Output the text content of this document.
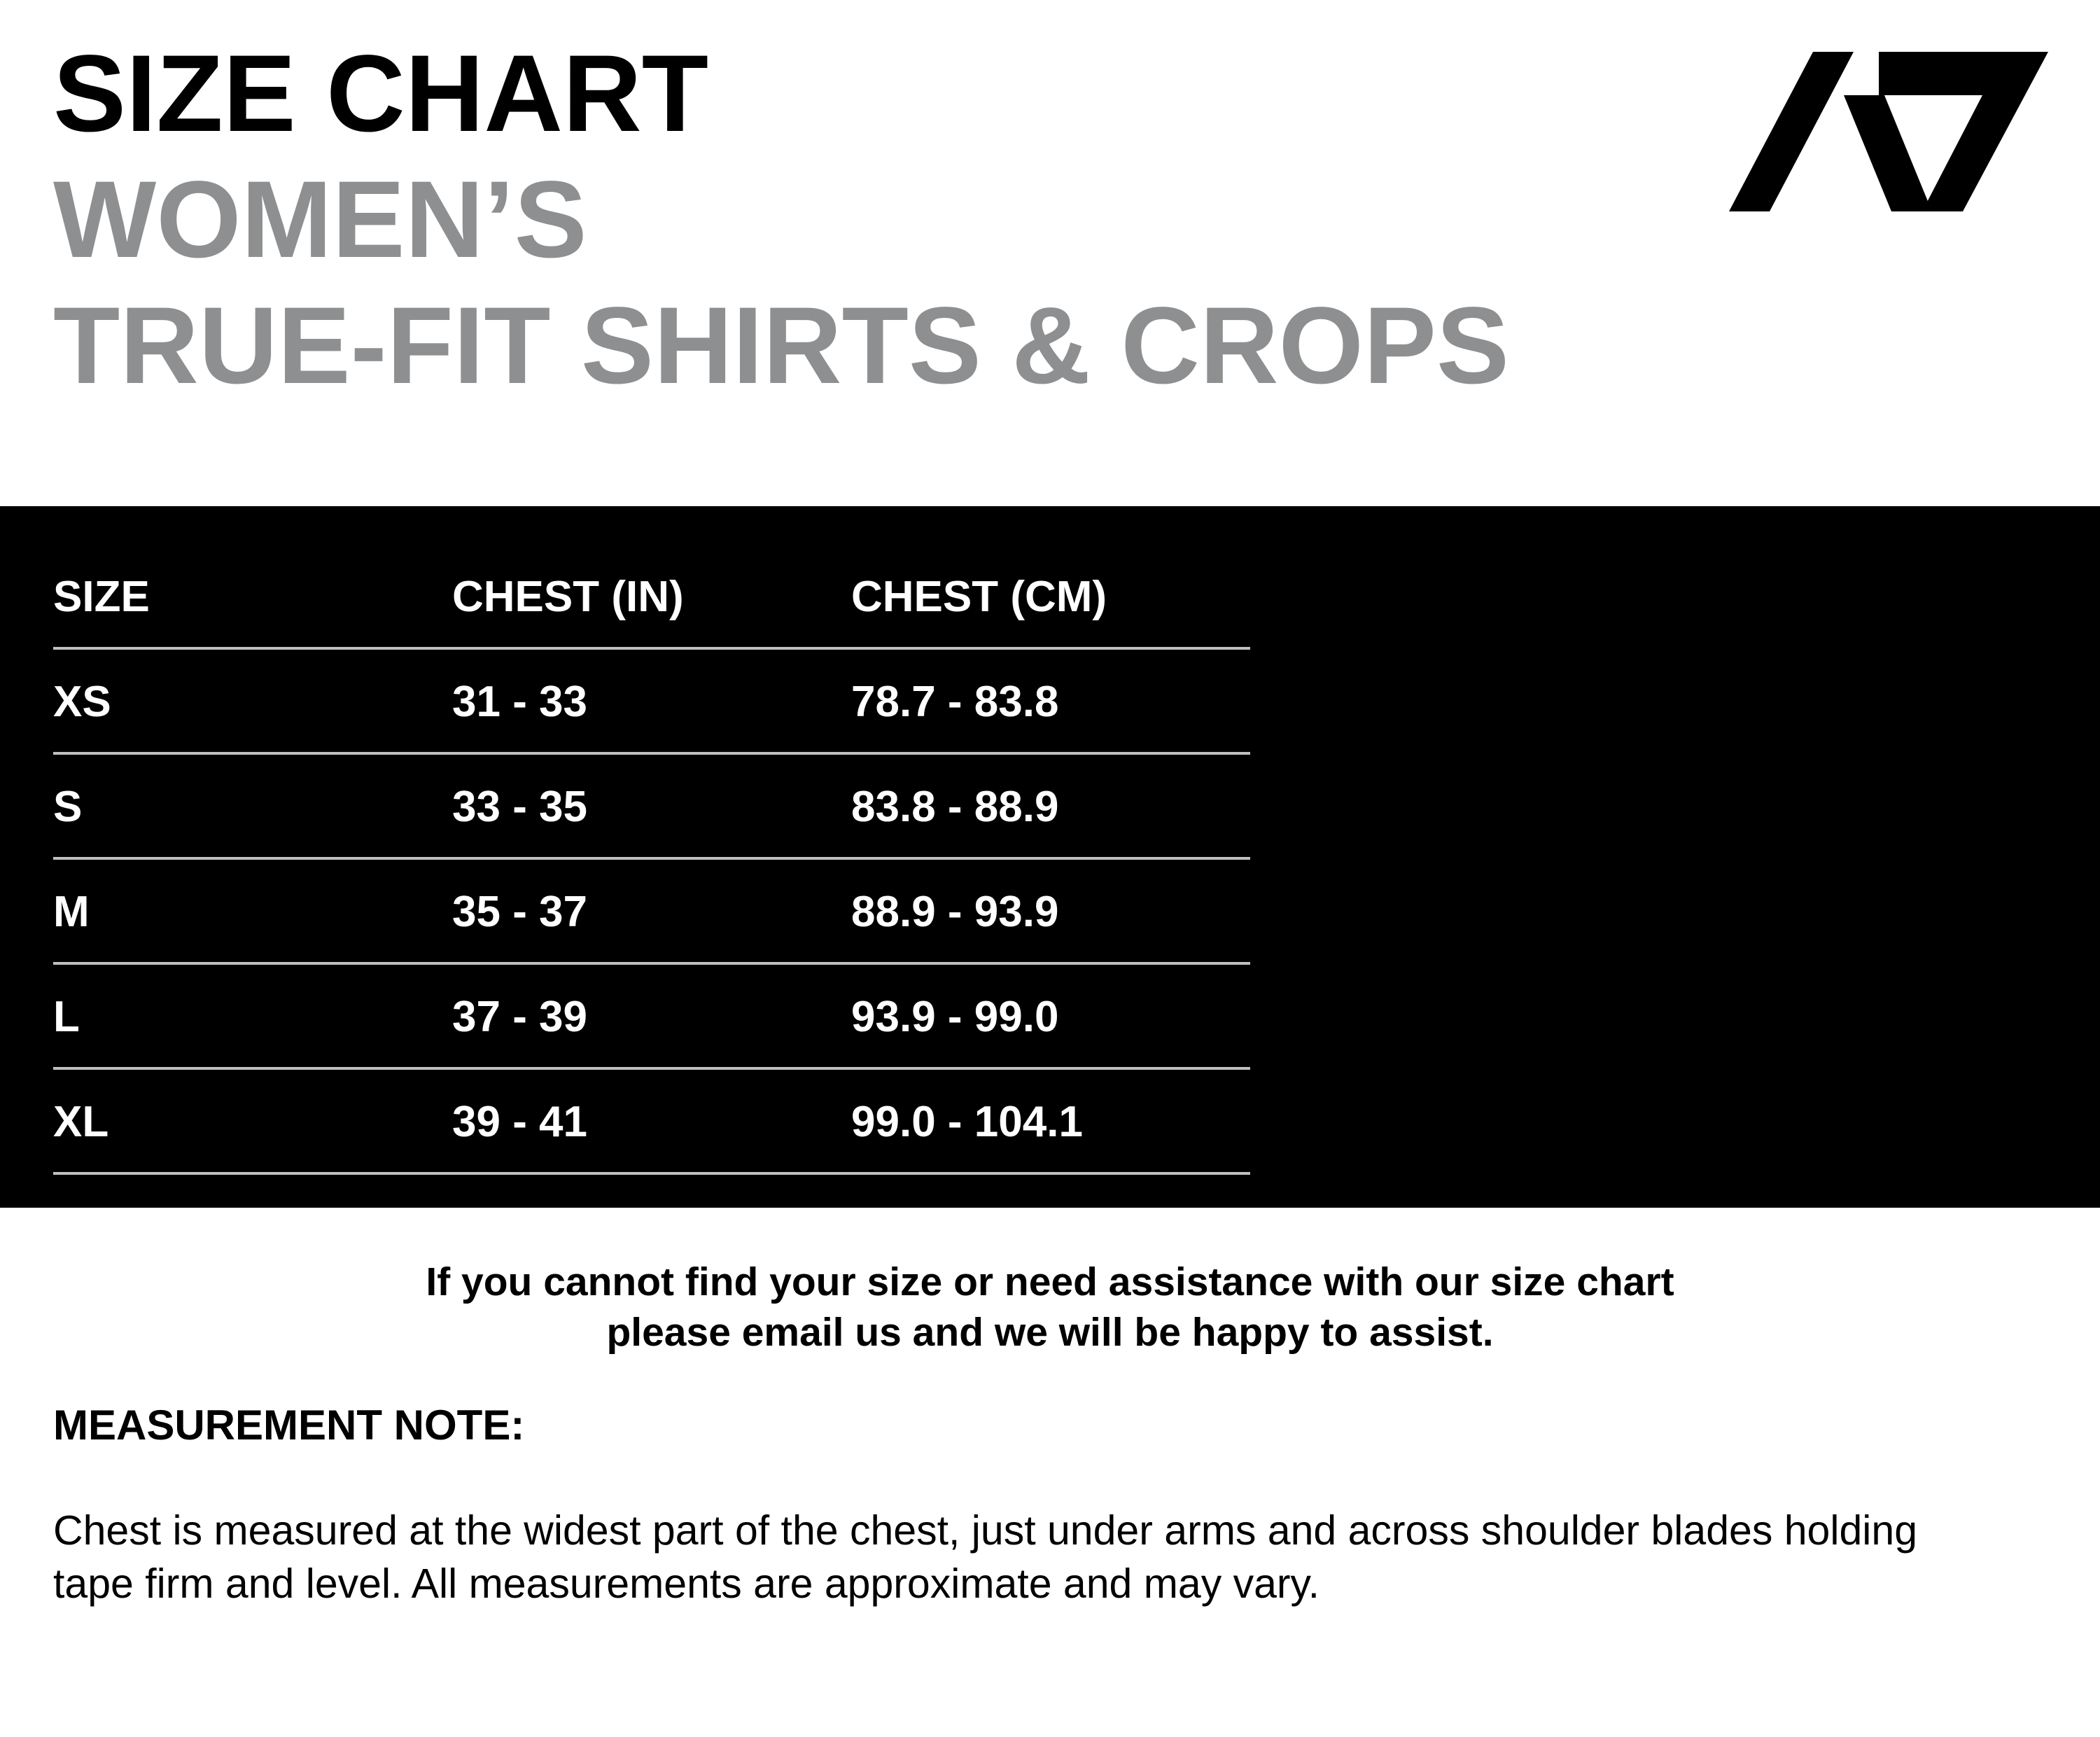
SIZE CHART
WOMEN’S
TRUE-FIT SHIRTS & CROPS
SIZE	CHEST (IN)	CHEST (CM)
XS	31 - 33	78.7 - 83.8
S	33 - 35	83.8 - 88.9
M	35 - 37	88.9 - 93.9
L	37 - 39	93.9 - 99.0
XL	39 - 41	99.0 - 104.1
If you cannot find your size or need assistance with our size chart
please email us and we will be happy to assist.
MEASUREMENT NOTE:
Chest is measured at the widest part of the chest, just under arms and across shoulder blades holding
tape firm and level. All measurements are approximate and may vary.
